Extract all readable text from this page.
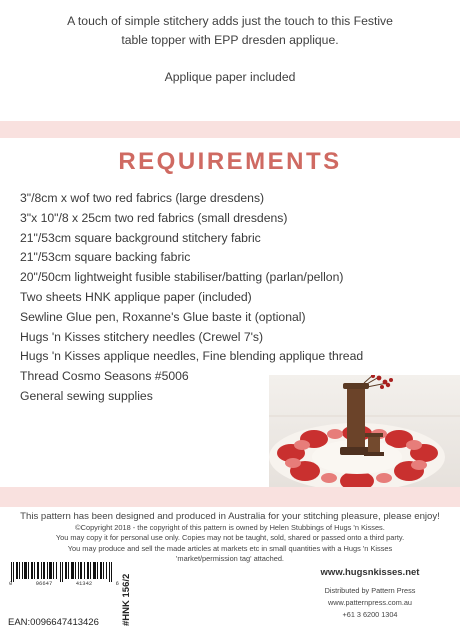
A touch of simple stitchery adds just the touch to this Festive
table topper with EPP dresden applique.
Applique paper included
REQUIREMENTS
3"/8cm x wof two red fabrics (large dresdens)
3"x 10"/8 x 25cm two red fabrics (small dresdens)
21"/53cm square background stitchery fabric
21"/53cm square backing fabric
20"/50cm lightweight fusible stabiliser/batting (parlan/pellon)
Two sheets HNK applique paper (included)
Sewline Glue pen, Roxanne's Glue baste it (optional)
Hugs 'n Kisses stitchery needles (Crewel 7's)
Hugs 'n Kisses applique needles, Fine blending applique thread
Thread Cosmo Seasons #5006
General sewing supplies
This pattern has been designed and produced in Australia for your stitching pleasure, please enjoy!
©Copyright 2018 - the copyright of this pattern is owned by Helen Stubbings of Hugs 'n Kisses.
You may copy it for personal use only. Copies may not be taught, sold, shared or passed onto a third party.
You may produce and sell the made articles at markets etc in small quantities with a Hugs 'n Kisses
'market/permission tag' attached.
0	96647	41342	6
EAN:0096647413426 #HNK 156/2
www.hugsnkisses.net
Distributed by Pattern Press
www.patternpress.com.au
+61 3 6200 1304
